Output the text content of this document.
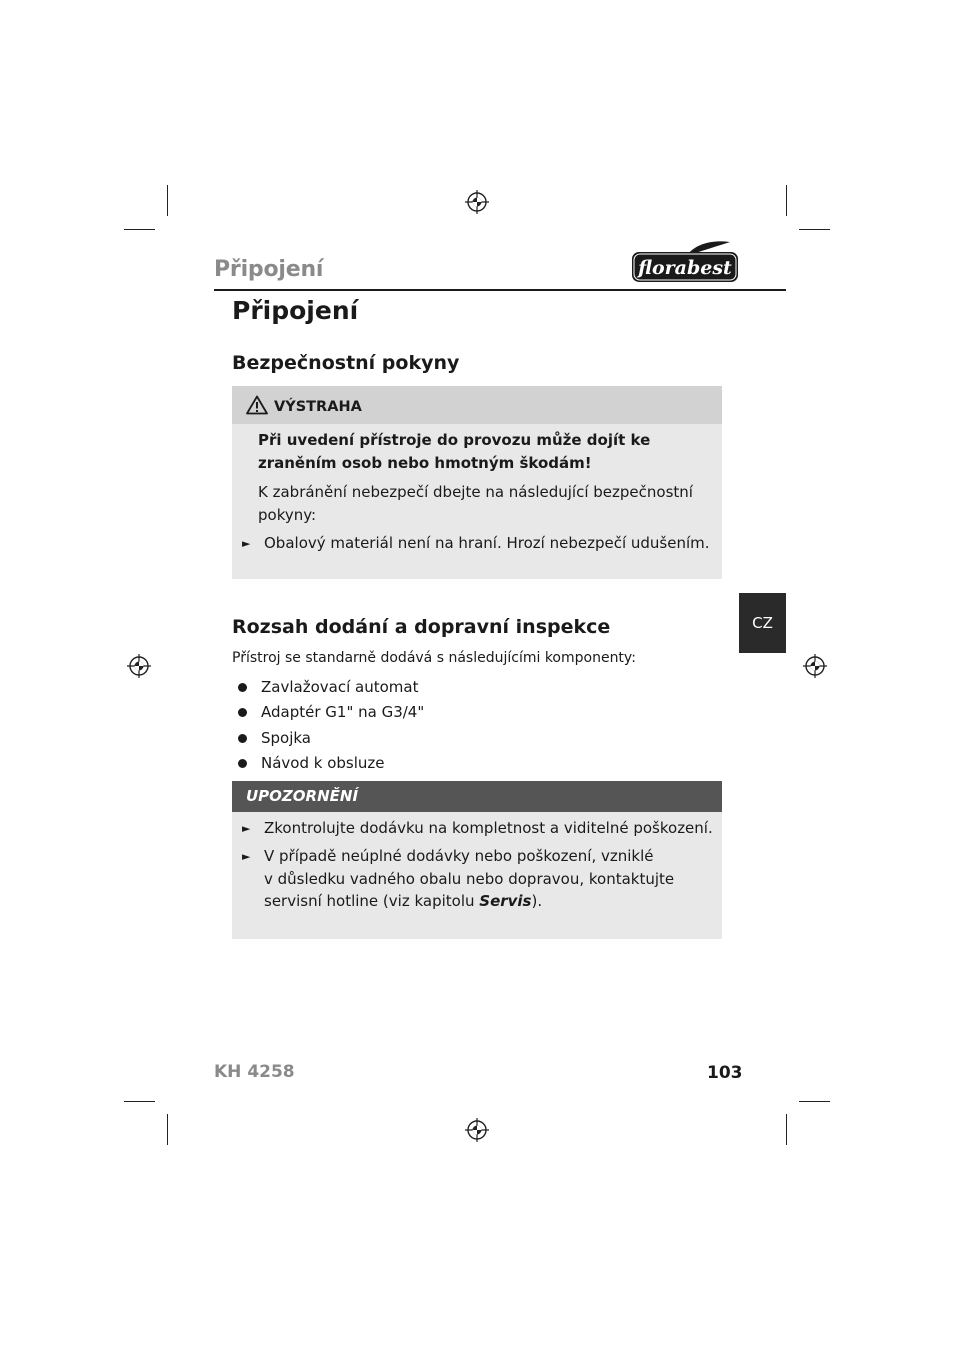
Připojení	florabest
Připojení
Bezpečnostní pokyny
VÝSTRAHA
Při uvedení přístroje do provozu může dojít ke
zraněním osob nebo hmotným škodám!
K zabránění nebezpečí dbejte na následující bezpečnostní
pokyny:
► Obalový materiál není na hraní. Hrozí nebezpečí udušením.
CZ
Rozsah dodání a dopravní inspekce
Přístroj se standarně dodává s následujícími komponenty:
Zavlažovací automat
Adaptér G1" na G3/4"
Spojka
Návod k obsluze
UPOZORNĚNÍ
► Zkontrolujte dodávku na kompletnost a viditelné poškození.
► V případě neúplné dodávky nebo poškození, vzniklé
v důsledku vadného obalu nebo dopravou, kontaktujte
servisní hotline (viz kapitolu Servis).
KH 4258	103
